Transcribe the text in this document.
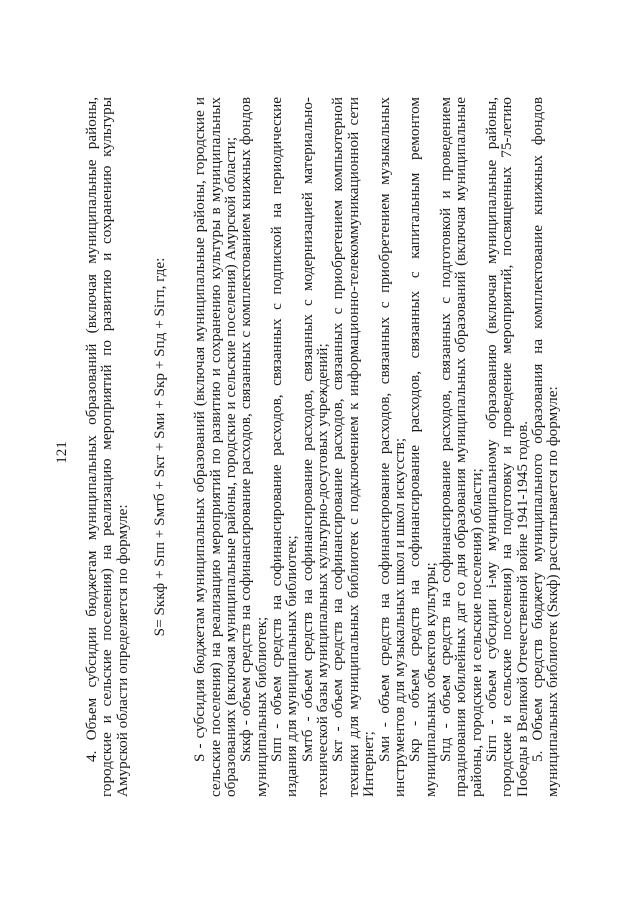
121 4. Объем субсидии бюджетам муниципальных образований (включая муниципальные районы, городские и сельские поселения) на реализацию мероприятий по развитию и сохранению культуры Амурской области определяется по формуле:

S= Sккф + Sпп + Sмтб + Sкт + Sми + Sкр + Sпд + Siгп, где: S - субсидия бюджетам муниципальных образований (включая муниципальные районы, городские и сельские поселения) на реализацию мероприятий по развитию и сохранению культуры в муниципальных образованиях (включая муниципальные районы, городские и сельские поселения) Амурской области;

Sккф - объем средств на софинансирование расходов, связанных с комплектованием книжных фондов муниципальных библиотек;

Sпп - объем средств на софинансирование расходов, связанных с подпиской на периодические издания для муниципальных библиотек;

Sмтб - объем средств на софинансирование расходов, связанных с модернизацией материально-технической базы муниципальных культурно-досуговых учреждений;

Sкт - объем средств на софинансирование расходов, связанных с приобретением компьютерной техники для муниципальных библиотек с подключением к информационно-телекоммуникационной сети Интернет;

Sми - объем средств на софинансирование расходов, связанных с приобретением музыкальных инструментов для музыкальных школ и школ искусств;

Sкр - объем средств на софинансирование расходов, связанных с капитальным ремонтом муниципальных объектов культуры;

Sпд - объем средств на софинансирование расходов, связанных с подготовкой и проведением празднования юбилейных дат со дня образования муниципальных образований (включая муниципальные районы, городские и сельские поселения) области;

Siгп - объем субсидии i-му муниципальному образованию (включая муниципальные районы, городские и сельские поселения) на подготовку и проведение мероприятий, посвященных 75-летию Победы в Великой Отечественной войне 1941-1945 годов.

5. Объем средств бюджету муниципального образования на комплектование книжных фондов муниципальных библиотек (Sккф) рассчитывается по формуле:
